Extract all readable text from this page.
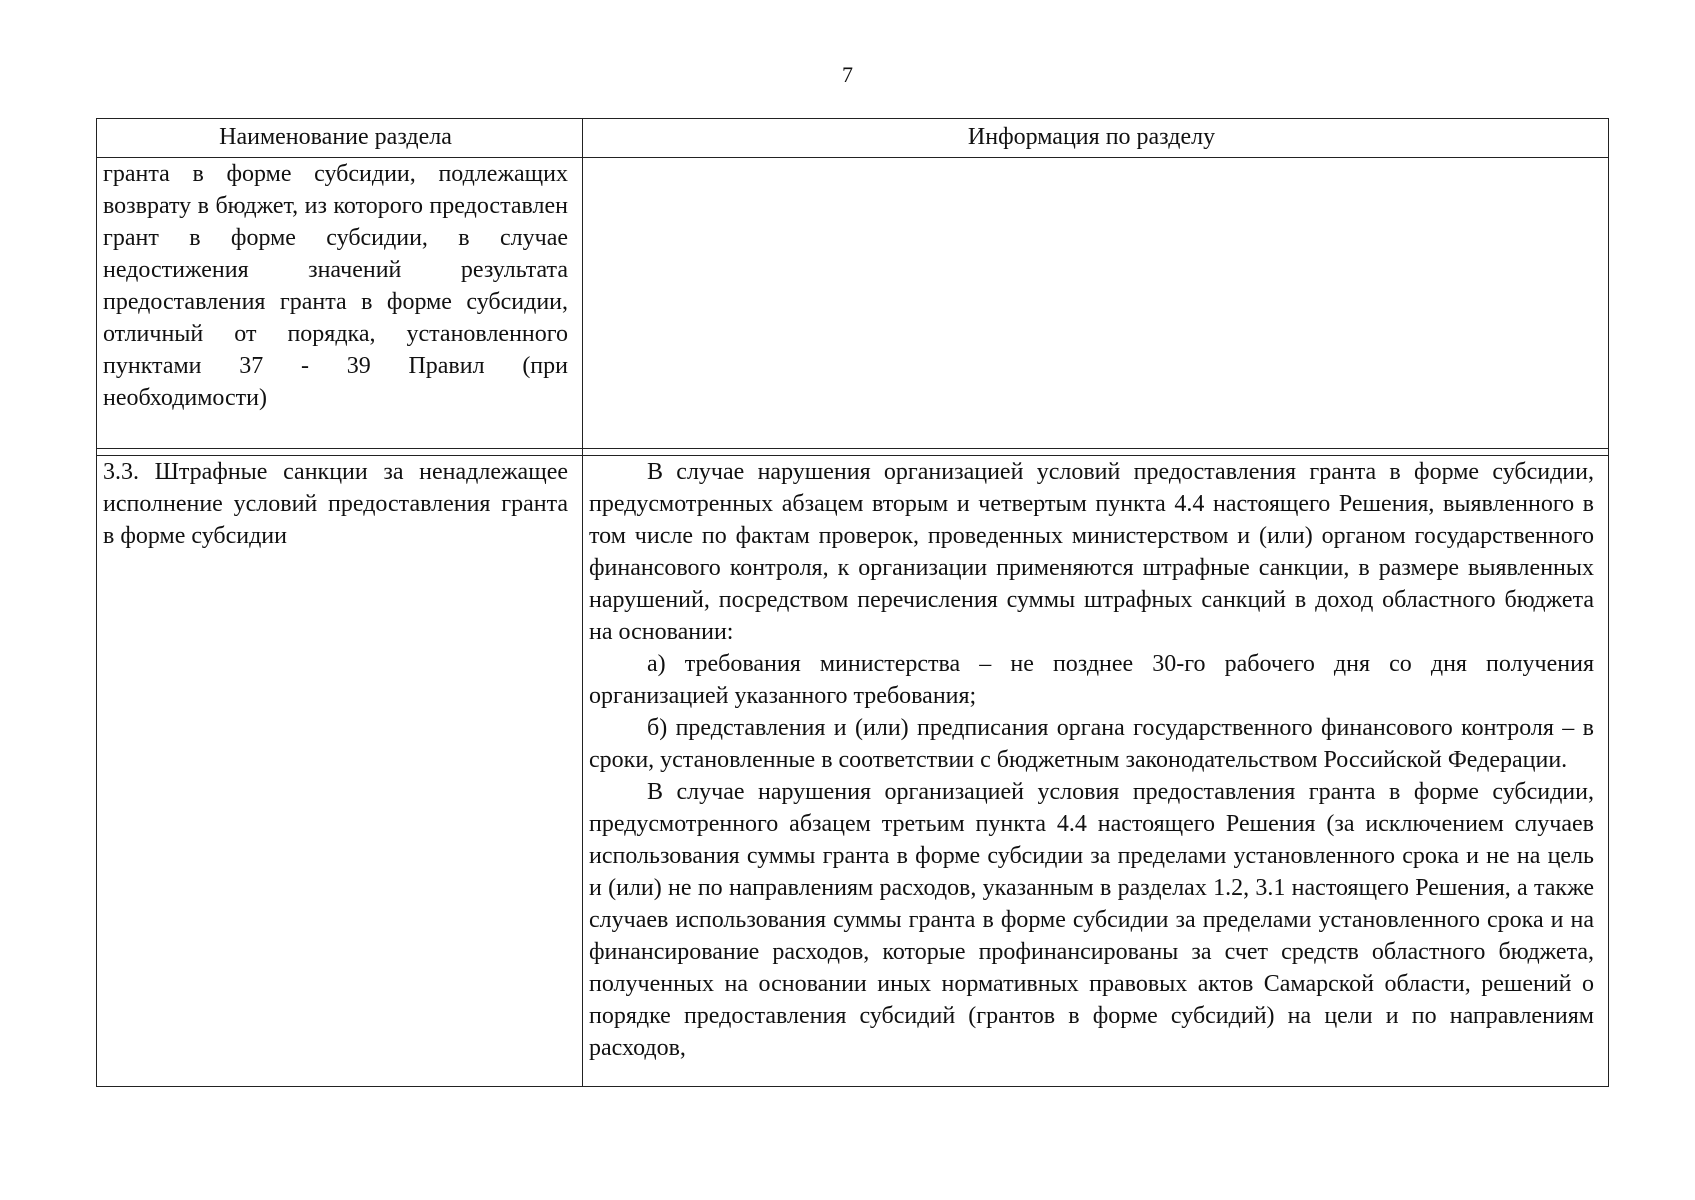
7
Наименование раздела	Информация по разделу
гранта в форме субсидии, подлежащих возврату в бюджет, из которого предоставлен грант в форме субсидии, в случае недостижения значений результата предоставления гранта в форме субсидии, отличный от порядка, установленного пунктами 37 - 39 Правил (при необходимости)	

3.3. Штрафные санкции за ненадлежащее исполнение условий предоставления гранта в форме субсидии	В случае нарушения организацией условий предоставления гранта в форме субсидии, предусмотренных абзацем вторым и четвертым пункта 4.4 настоящего Решения, выявленного в том числе по фактам проверок, проведенных министерством и (или) органом государственного финансового контроля, к организации применяются штрафные санкции, в размере выявленных нарушений, посредством перечисления суммы штрафных санкций в доход областного бюджета на основании:

а) требования министерства – не позднее 30-го рабочего дня со дня получения организацией указанного требования;

б) представления и (или) предписания органа государственного финансового контроля – в сроки, установленные в соответствии с бюджетным законодательством Российской Федерации.

В случае нарушения организацией условия предоставления гранта в форме субсидии, предусмотренного абзацем третьим пункта 4.4 настоящего Решения (за исключением случаев использования суммы гранта в форме субсидии за пределами установленного срока и не на цель и (или) не по направлениям расходов, указанным в разделах 1.2, 3.1 настоящего Решения, а также случаев использования суммы гранта в форме субсидии за пределами установленного срока и на финансирование расходов, которые профинансированы за счет средств областного бюджета, полученных на основании иных нормативных правовых актов Самарской области, решений о порядке предоставления субсидий (грантов в форме субсидий) на цели и по направлениям расходов,
